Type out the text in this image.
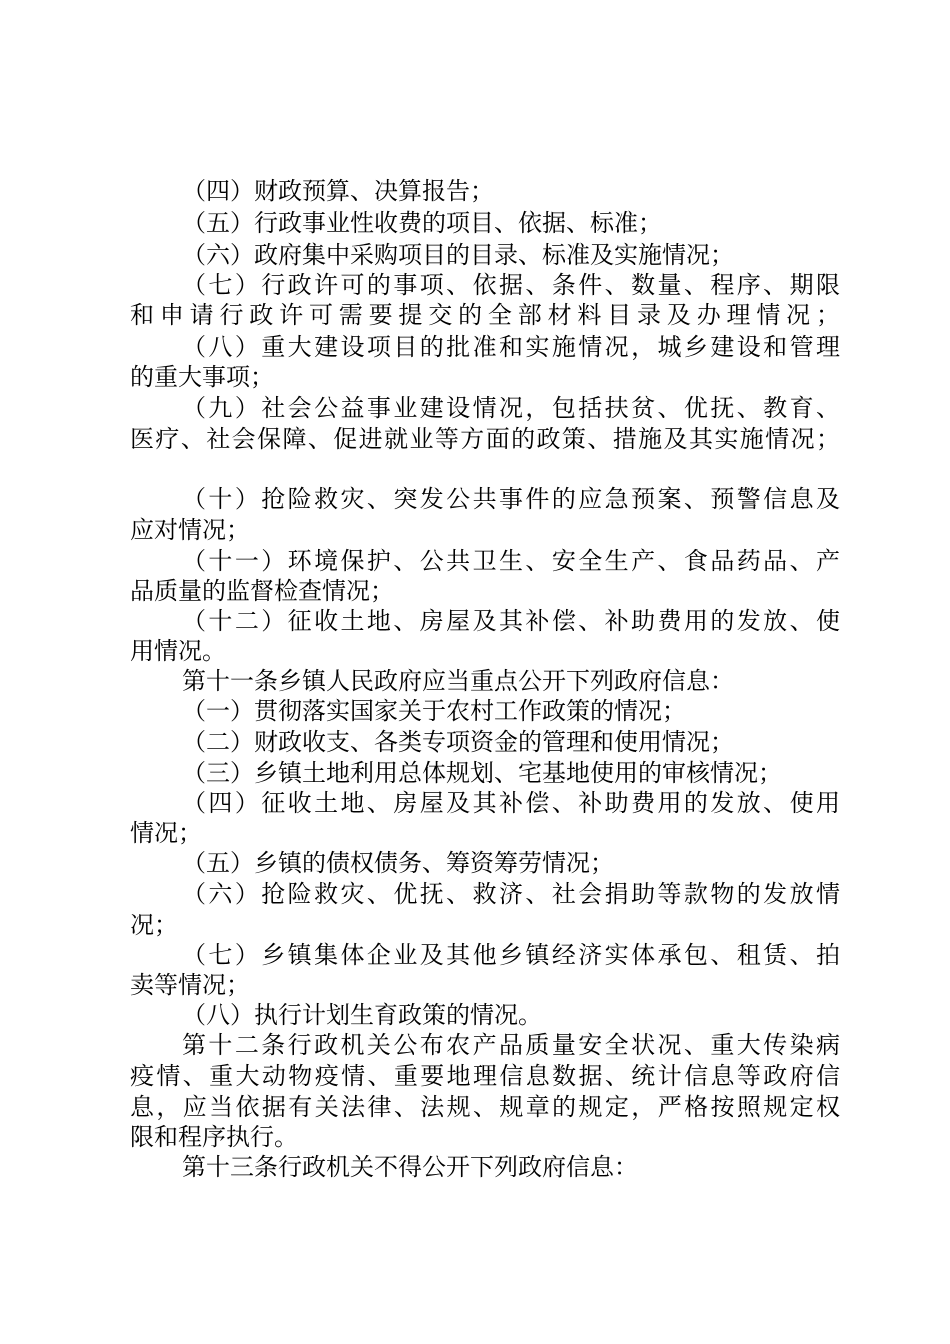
（四）财政预算、决算报告；
（五）行政事业性收费的项目、依据、标准；
（六）政府集中采购项目的目录、标准及实施情况；
（七）行政许可的事项、依据、条件、数量、程序、期限
和申请行政许可需要提交的全部材料目录及办理情况；
（八）重大建设项目的批准和实施情况，城乡建设和管理
的重大事项；
（九）社会公益事业建设情况，包括扶贫、优抚、教育、
医疗、社会保障、促进就业等方面的政策、措施及其实施情况；
（十）抢险救灾、突发公共事件的应急预案、预警信息及
应对情况；
（十一）环境保护、公共卫生、安全生产、食品药品、产
品质量的监督检查情况；
（十二）征收土地、房屋及其补偿、补助费用的发放、使
用情况。
第十一条乡镇人民政府应当重点公开下列政府信息：
（一）贯彻落实国家关于农村工作政策的情况；
（二）财政收支、各类专项资金的管理和使用情况；
（三）乡镇土地利用总体规划、宅基地使用的审核情况；
（四）征收土地、房屋及其补偿、补助费用的发放、使用
情况；
（五）乡镇的债权债务、筹资筹劳情况；
（六）抢险救灾、优抚、救济、社会捐助等款物的发放情
况；
（七）乡镇集体企业及其他乡镇经济实体承包、租赁、拍
卖等情况；
（八）执行计划生育政策的情况。
第十二条行政机关公布农产品质量安全状况、重大传染病
疫情、重大动物疫情、重要地理信息数据、统计信息等政府信
息，应当依据有关法律、法规、规章的规定，严格按照规定权
限和程序执行。
第十三条行政机关不得公开下列政府信息：
